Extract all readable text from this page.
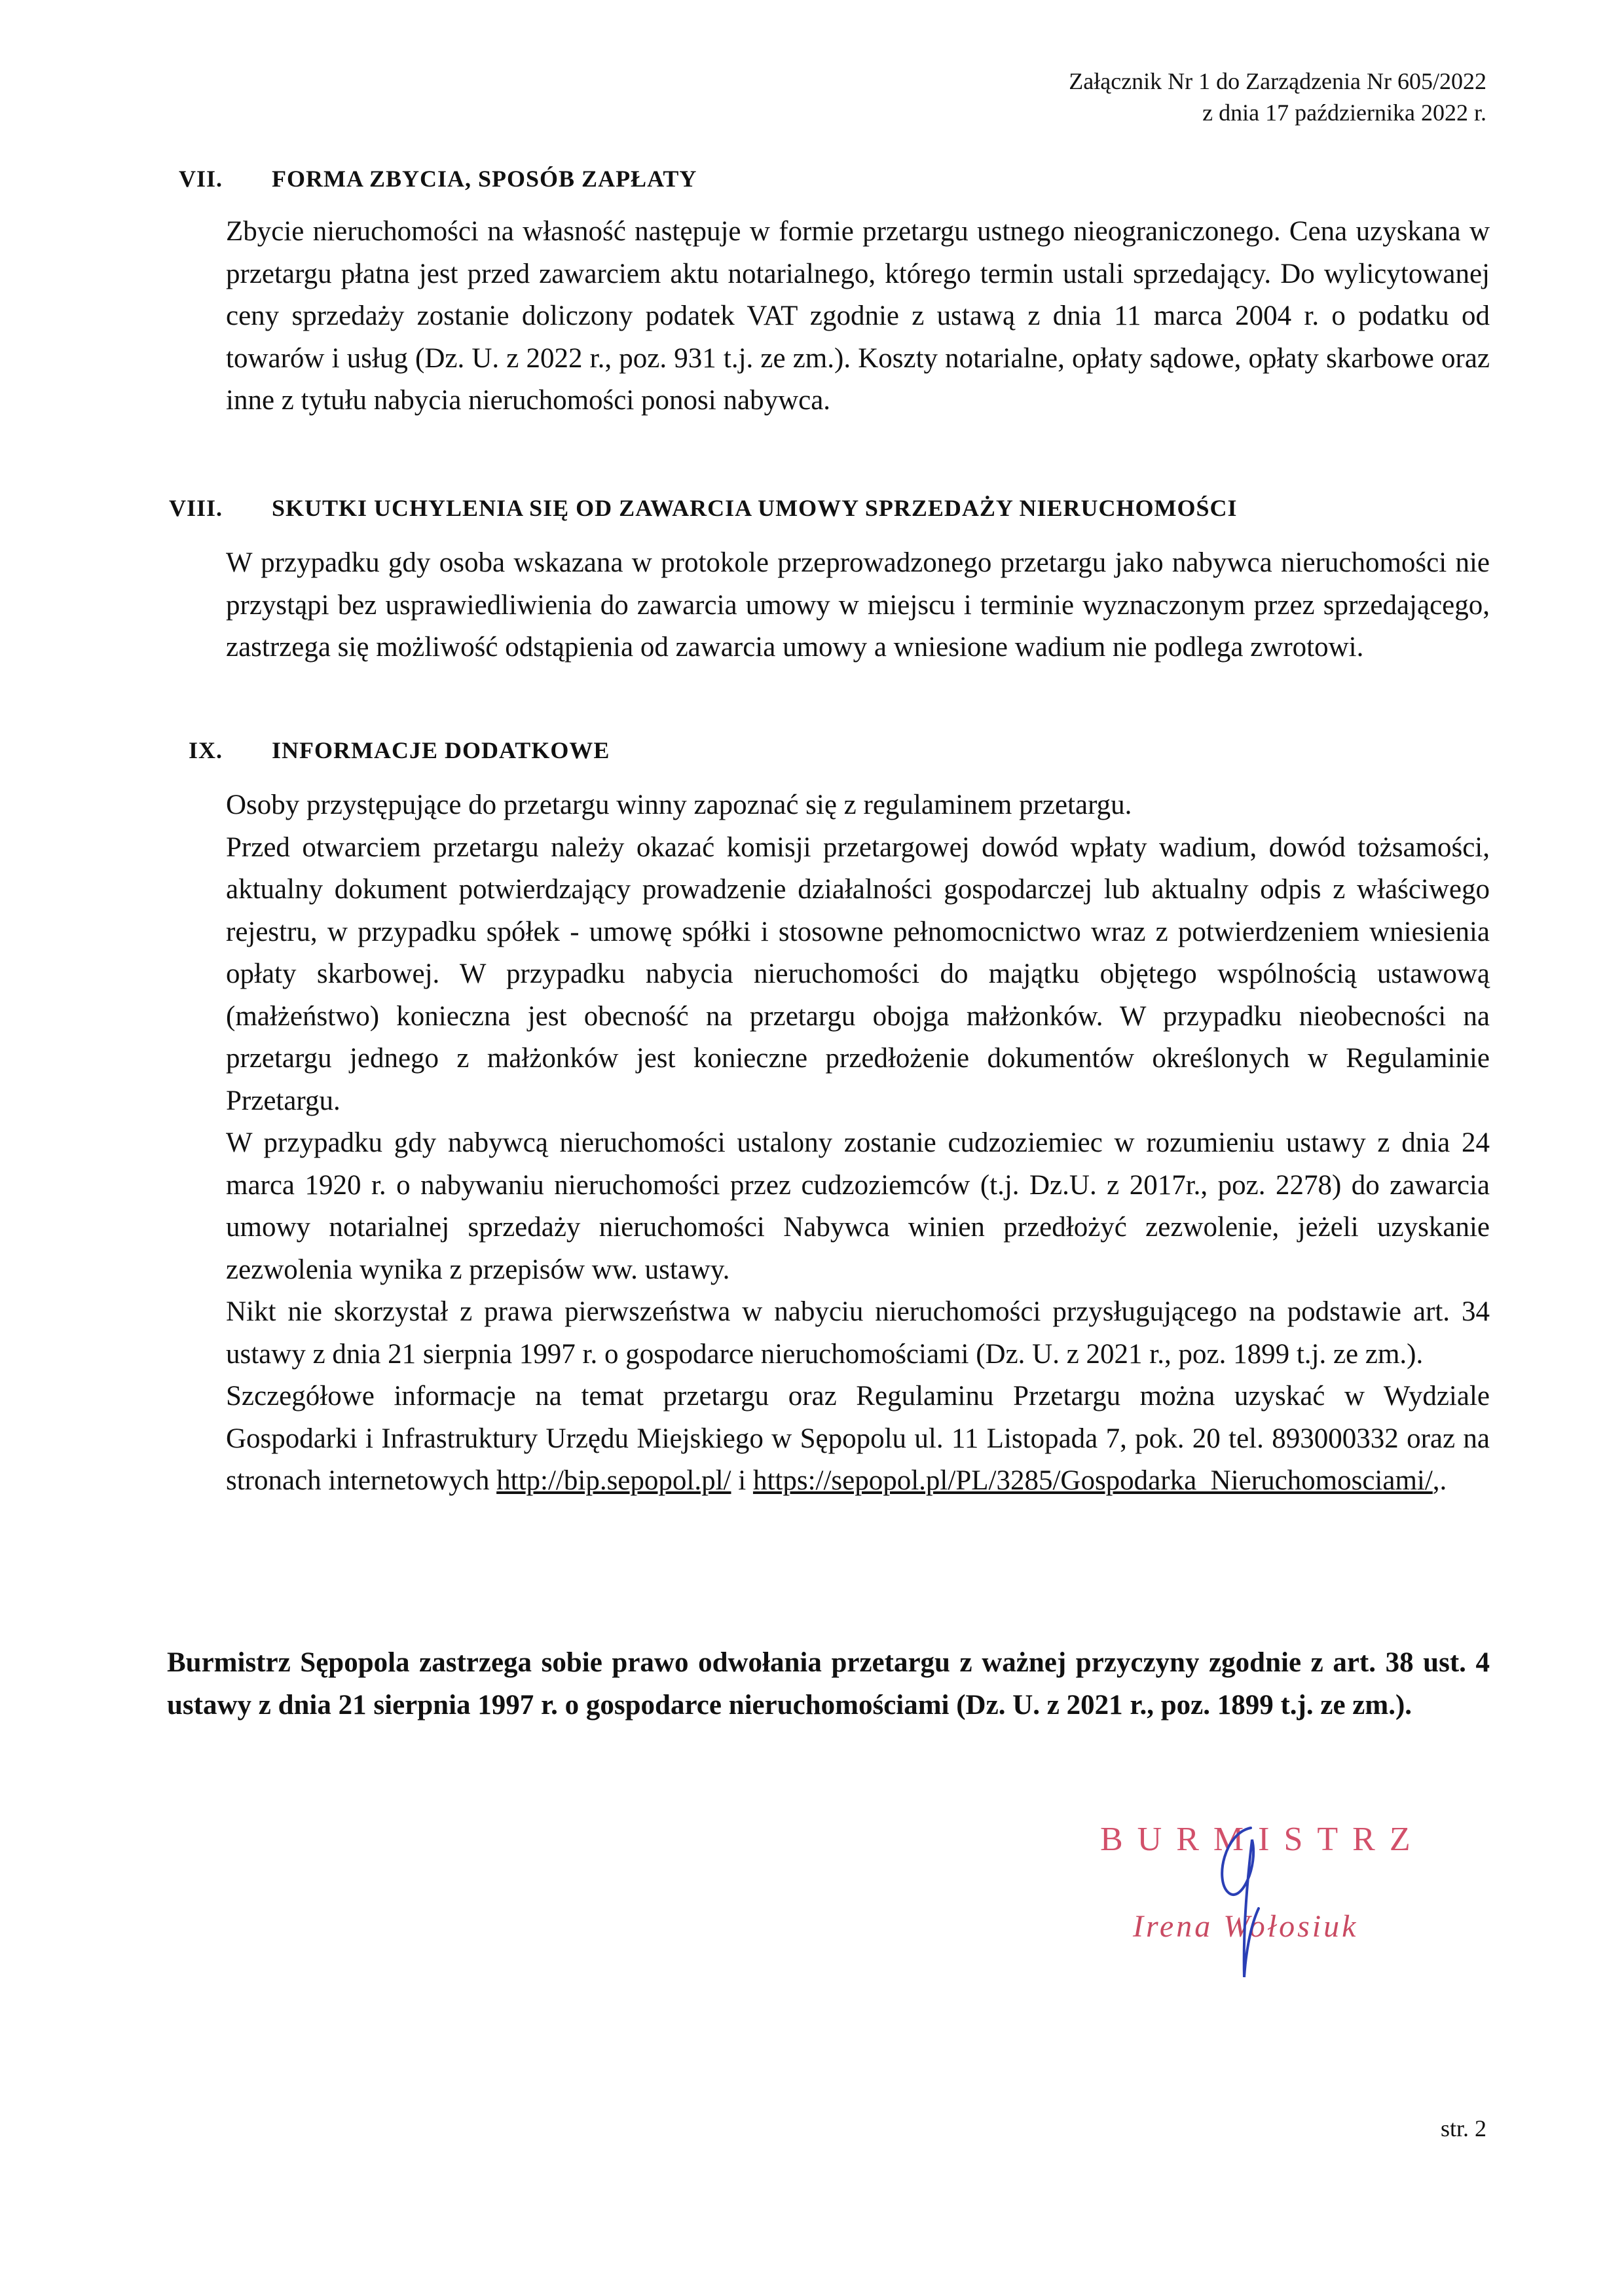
Załącznik Nr 1 do Zarządzenia Nr 605/2022
z dnia 17 października 2022 r.
VII. FORMA ZBYCIA, SPOSÓB ZAPŁATY

Zbycie nieruchomości na własność następuje w formie przetargu ustnego nieograniczonego. Cena uzyskana w przetargu płatna jest przed zawarciem aktu notarialnego, którego termin ustali sprzedający. Do wylicytowanej ceny sprzedaży zostanie doliczony podatek VAT zgodnie z ustawą z dnia 11 marca 2004 r. o podatku od towarów i usług (Dz. U. z 2022 r., poz. 931 t.j. ze zm.). Koszty notarialne, opłaty sądowe, opłaty skarbowe oraz inne z tytułu nabycia nieruchomości ponosi nabywca.

VIII. SKUTKI UCHYLENIA SIĘ OD ZAWARCIA UMOWY SPRZEDAŻY NIERUCHOMOŚCI

W przypadku gdy osoba wskazana w protokole przeprowadzonego przetargu jako nabywca nieruchomości nie przystąpi bez usprawiedliwienia do zawarcia umowy w miejscu i terminie wyznaczonym przez sprzedającego, zastrzega się możliwość odstąpienia od zawarcia umowy a wniesione wadium nie podlega zwrotowi.

IX. INFORMACJE DODATKOWE

Osoby przystępujące do przetargu winny zapoznać się z regulaminem przetargu.

Przed otwarciem przetargu należy okazać komisji przetargowej dowód wpłaty wadium, dowód tożsamości, aktualny dokument potwierdzający prowadzenie działalności gospodarczej lub aktualny odpis z właściwego rejestru, w przypadku spółek - umowę spółki i stosowne pełnomocnictwo wraz z potwierdzeniem wniesienia opłaty skarbowej. W przypadku nabycia nieruchomości do majątku objętego wspólnością ustawową (małżeństwo) konieczna jest obecność na przetargu obojga małżonków. W przypadku nieobecności na przetargu jednego z małżonków jest konieczne przedłożenie dokumentów określonych w Regulaminie Przetargu.

W przypadku gdy nabywcą nieruchomości ustalony zostanie cudzoziemiec w rozumieniu ustawy z dnia 24 marca 1920 r. o nabywaniu nieruchomości przez cudzoziemców (t.j. Dz.U. z 2017r., poz. 2278) do zawarcia umowy notarialnej sprzedaży nieruchomości Nabywca winien przedłożyć zezwolenie, jeżeli uzyskanie zezwolenia wynika z przepisów ww. ustawy.

Nikt nie skorzystał z prawa pierwszeństwa w nabyciu nieruchomości przysługującego na podstawie art. 34 ustawy z dnia 21 sierpnia 1997 r. o gospodarce nieruchomościami (Dz. U. z 2021 r., poz. 1899 t.j. ze zm.).

Szczegółowe informacje na temat przetargu oraz Regulaminu Przetargu można uzyskać w Wydziale Gospodarki i Infrastruktury Urzędu Miejskiego w Sępopolu ul. 11 Listopada 7, pok. 20 tel. 893000332 oraz na stronach internetowych http://bip.sepopol.pl/ i https://sepopol.pl/PL/3285/Gospodarka_Nieruchomosciami/,.

Burmistrz Sępopola zastrzega sobie prawo odwołania przetargu z ważnej przyczyny zgodnie z art. 38 ust. 4 ustawy z dnia 21 sierpnia 1997 r. o gospodarce nieruchomościami (Dz. U. z 2021 r., poz. 1899 t.j. ze zm.).
BURMISTRZ
Irena Wołosiuk
str. 2
